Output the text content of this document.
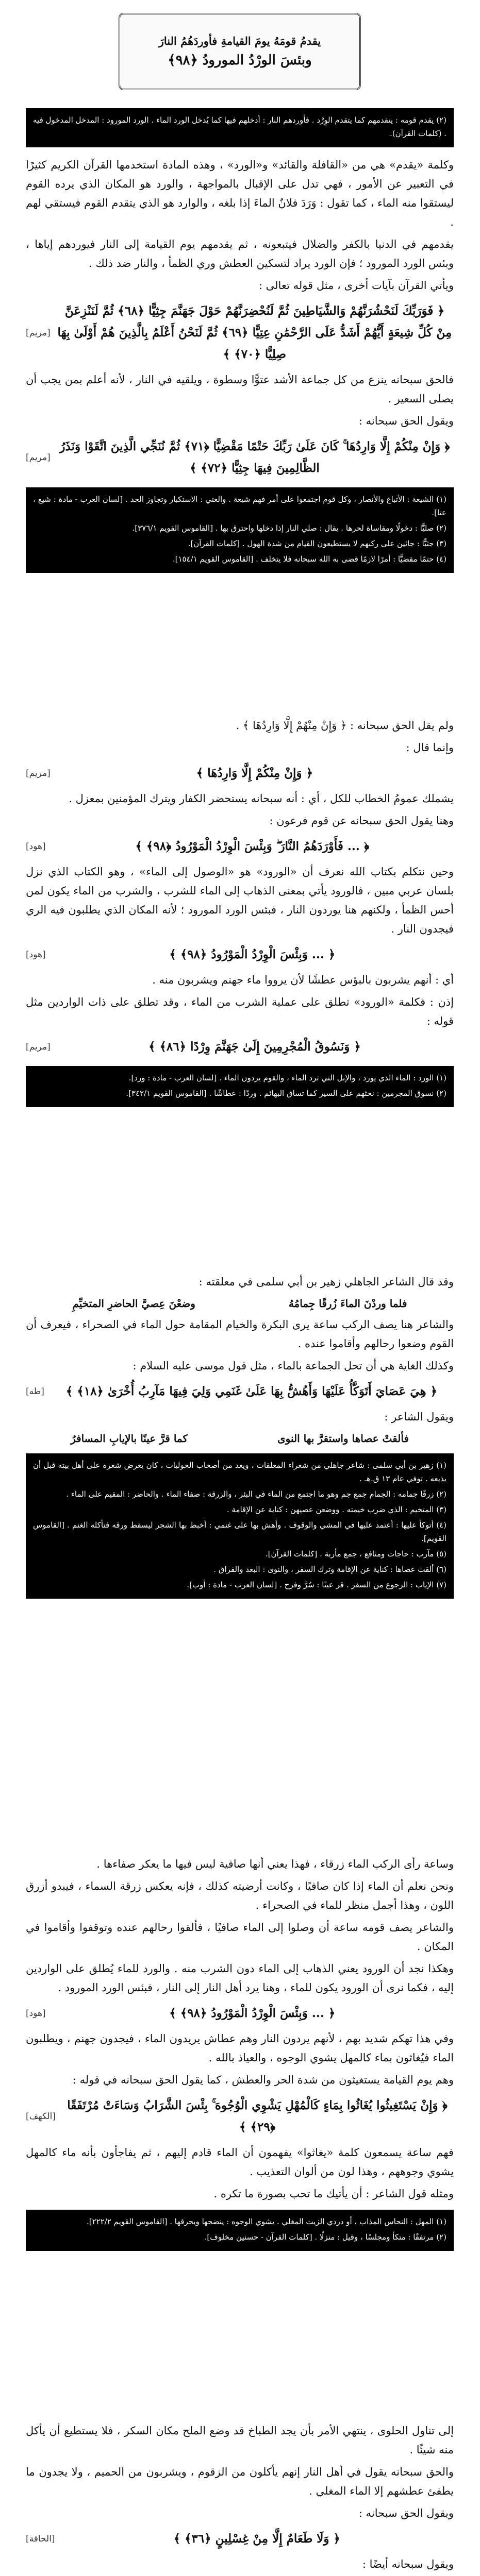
يقدمُ قومَهُ يومَ القيامةِ فأوردَهُمُ النارَ
وبئسَ الورْدُ المورودُ ﴿٩٨﴾

(٢) يقدم قومه : يتقدمهم كما يتقدم الوِرْد . فأوردهم النار : أدخلهم فيها كما يُدخل الورد الماء . الورد المورود : المدخل المدخول فيه . (كلمات القرآن).

وكلمة «يقدم» هي من «القافلة والقائد» و«الورد» ، وهذه المادة استخدمها القرآن الكريم كثيرًا في التعبير عن الأمور ، فهي تدل على الإقبال بالمواجهة ، والورد هو المكان الذي يرده القوم ليستقوا منه الماء ، كما تقول : وَرَدَ فلانٌ الماءَ إذا بلغه ، والوارد هو الذي يتقدم القوم فيستقي لهم .

يقدمهم في الدنيا بالكفر والضلال فيتبعونه ، ثم يقدمهم يوم القيامة إلى النار فيوردهم إياها ، وبئس الورد المورود ؛ فإن الورد يراد لتسكين العطش وري الظمأ ، والنار ضد ذلك .

ويأتي القرآن بآيات أخرى ، مثل قوله تعالى :

﴿ فَوَرَبِّكَ لَنَحْشُرَنَّهُمْ وَالشَّيَاطِينَ ثُمَّ لَنُحْضِرَنَّهُمْ حَوْلَ جَهَنَّمَ جِثِيًّا ﴿٦٨﴾ ثُمَّ لَنَنْزِعَنَّ مِنْ كُلِّ شِيعَةٍ أَيُّهُمْ أَشَدُّ عَلَى الرَّحْمَٰنِ عِتِيًّا ﴿٦٩﴾ ثُمَّ لَنَحْنُ أَعْلَمُ بِالَّذِينَ هُمْ أَوْلَىٰ بِهَا صِلِيًّا ﴿٧٠﴾ ﴾
[مريم]

فالحق سبحانه ينزع من كل جماعة الأشد عتوًّا وسطوة ، ويلقيه في النار ، لأنه أعلم بمن يجب أن يصلى السعير .

ويقول الحق سبحانه :

﴿ وَإِنْ مِنْكُمْ إِلَّا وَارِدُهَا ۚ كَانَ عَلَىٰ رَبِّكَ حَتْمًا مَقْضِيًّا ﴿٧١﴾ ثُمَّ نُنَجِّي الَّذِينَ اتَّقَوْا وَنَذَرُ الظَّالِمِينَ فِيهَا جِثِيًّا ﴿٧٢﴾ ﴾
[مريم]

(١) الشيعة : الأتباع والأنصار ، وكل قوم اجتمعوا على أمر فهم شيعة . والعتي : الاستكبار وتجاوز الحد . [لسان العرب - مادة : شيع ، عتا].

(٢) صليًّا : دخولًا ومقاساة لحرها . يقال : صلي النار إذا دخلها واحترق بها . [القاموس القويم ٣٧٦/١].

(٣) جثيًّا : جاثين على ركبهم لا يستطيعون القيام من شدة الهول . [كلمات القرآن].

(٤) حتمًا مقضيًّا : أمرًا لازمًا قضى به الله سبحانه فلا يتخلف . [القاموس القويم ١٥٤/١].

ولم يقل الحق سبحانه : ﴿ وَإِنْ مِنْهُمْ إِلَّا وَارِدُهَا ﴾ .

وإنما قال :

﴿ وَإِنْ مِنْكُمْ إِلَّا وَارِدُهَا ﴾
[مريم]

يشملك عمومُ الخطاب للكل ، أي : أنه سبحانه يستحضر الكفار ويترك المؤمنين بمعزل .

وهنا يقول الحق سبحانه عن قوم فرعون :

﴿ ... فَأَوْرَدَهُمُ النَّارَ ۖ وَبِئْسَ الْوِرْدُ الْمَوْرُودُ ﴿٩٨﴾ ﴾
[هود]

وحين نتكلم بكتاب الله نعرف أن «الورود» هو «الوصول إلى الماء» ، وهو الكتاب الذي نزل بلسان عربي مبين ، فالورود يأتي بمعنى الذهاب إلى الماء للشرب ، والشرب من الماء يكون لمن أحس الظمأ ، ولكنهم هنا يوردون النار ، فبئس الورد المورود ؛ لأنه المكان الذي يطلبون فيه الري فيجدون النار .

﴿ ... وَبِئْسَ الْوِرْدُ الْمَوْرُودُ ﴿٩٨﴾ ﴾
[هود]

أي : أنهم يشربون بالبؤس عطشًا لأن يرووا ماء جهنم ويشربون منه .

إذن : فكلمة «الورود» تطلق على عملية الشرب من الماء ، وقد تطلق على ذات الواردين مثل قوله :

﴿ وَنَسُوقُ الْمُجْرِمِينَ إِلَىٰ جَهَنَّمَ وِرْدًا ﴿٨٦﴾ ﴾
[مريم]

(١) الورد : الماء الذي يورد ، والإبل التي ترد الماء ، والقوم يردون الماء . [لسان العرب - مادة : ورد].

(٢) نسوق المجرمين : نحثهم على السير كما تساق البهائم . وردًا : عطاشًا . [القاموس القويم ٣٤٢/١].

وقد قال الشاعر الجاهلي زهير بن أبي سلمى في معلقته :

فلما وردْنَ الماءَ زُرقًا جِمامُهُ
وضعْنَ عِصيَّ الحاضرِ المتخيِّمِ

والشاعر هنا يصف الركب ساعة يرى البكرة والخيام المقامة حول الماء في الصحراء ، فيعرف أن القوم وضعوا رحالهم وأقاموا عنده .

وكذلك الغاية هي أن تحل الجماعة بالماء ، مثل قول موسى عليه السلام :

﴿ هِيَ عَصَايَ أَتَوَكَّأُ عَلَيْهَا وَأَهُشُّ بِهَا عَلَىٰ غَنَمِي وَلِيَ فِيهَا مَآرِبُ أُخْرَىٰ ﴿١٨﴾ ﴾
[طه]

ويقول الشاعر :

فألقتْ عصاها واستقرَّ بها النوى
كما قرَّ عينًا بالإيابِ المسافرُ

(١) زهير بن أبي سلمى : شاعر جاهلي من شعراء المعلقات ، ويعد من أصحاب الحوليات ، كان يعرض شعره على أهل بيته قبل أن يذيعه . توفي عام ١٣ ق.هـ .

(٢) زرقًا جمامه : الجمام جمع جم وهو ما اجتمع من الماء في البئر ، والزرقة : صفاء الماء . والحاضر : المقيم على الماء .

(٣) المتخيم : الذي ضرب خيمته . ووضعن عصيهن : كناية عن الإقامة .

(٤) أتوكأ عليها : أعتمد عليها في المشي والوقوف . وأهش بها على غنمي : أخبط بها الشجر ليسقط ورقه فتأكله الغنم . [القاموس القويم].

(٥) مآرب : حاجات ومنافع ، جمع مأربة . [كلمات القرآن].

(٦) ألقت عصاها : كناية عن الإقامة وترك السفر ، والنوى : البعد والفراق .

(٧) الإياب : الرجوع من السفر . قر عينًا : سُرَّ وفرح . [لسان العرب - مادة : أوب].

وساعة رأى الركب الماء زرقاء ، فهذا يعني أنها صافية ليس فيها ما يعكر صفاءها .

ونحن نعلم أن الماء إذا كان صافيًا ، وكانت أرضيته كذلك ، فإنه يعكس زرقة السماء ، فيبدو أزرق اللون ، وهذا أجمل منظر للماء في الصحراء .

والشاعر يصف قومه ساعة أن وصلوا إلى الماء صافيًا ، فألقوا رحالهم عنده وتوقفوا وأقاموا في المكان .

وهكذا نجد أن الورود يعني الذهاب إلى الماء دون الشرب منه . والورد للماء يُطلق على الواردين إليه ، فكما نرى أن الورود يكون للماء ، وهنا يرد أهل النار إلى النار ، فبئس الورد المورود .

﴿ ... وَبِئْسَ الْوِرْدُ الْمَوْرُودُ ﴿٩٨﴾ ﴾
[هود]

وفي هذا تهكم شديد بهم ، لأنهم يردون النار وهم عطاش يريدون الماء ، فيجدون جهنم ، ويطلبون الماء فيُغاثون بماء كالمهل يشوي الوجوه ، والعياذ بالله .

وهم يوم القيامة يستغيثون من شدة الحر والعطش ، كما يقول الحق سبحانه في قوله :

﴿ وَإِنْ يَسْتَغِيثُوا يُغَاثُوا بِمَاءٍ كَالْمُهْلِ يَشْوِي الْوُجُوهَ ۚ بِئْسَ الشَّرَابُ وَسَاءَتْ مُرْتَفَقًا ﴿٢٩﴾ ﴾
[الكهف]

فهم ساعة يسمعون كلمة «يغاثوا» يفهمون أن الماء قادم إليهم ، ثم يفاجأون بأنه ماء كالمهل يشوي وجوههم ، وهذا لون من ألوان التعذيب .

ومثله قول الشاعر : أن يأتيك ما تحب بصورة ما تكره .

(١) المهل : النحاس المذاب ، أو دردي الزيت المغلي . يشوي الوجوه : ينضجها ويحرقها . [القاموس القويم ٢٢٢/٢].

(٢) مرتفقًا : متكأ ومجلسًا ، وقيل : منزلًا . [كلمات القرآن - حسنين مخلوف].

إلى تناول الحلوى ، ينتهي الأمر بأن يجد الطباخ قد وضع الملح مكان السكر ، فلا يستطيع أن يأكل منه شيئًا .

والحق سبحانه يقول في أهل النار إنهم يأكلون من الزقوم ، ويشربون من الحميم ، ولا يجدون ما يطفئ عطشهم إلا الماء المغلي .

ويقول الحق سبحانه :

﴿ وَلَا طَعَامٌ إِلَّا مِنْ غِسْلِينٍ ﴿٣٦﴾ ﴾
[الحاقة]

ويقول سبحانه أيضًا :
